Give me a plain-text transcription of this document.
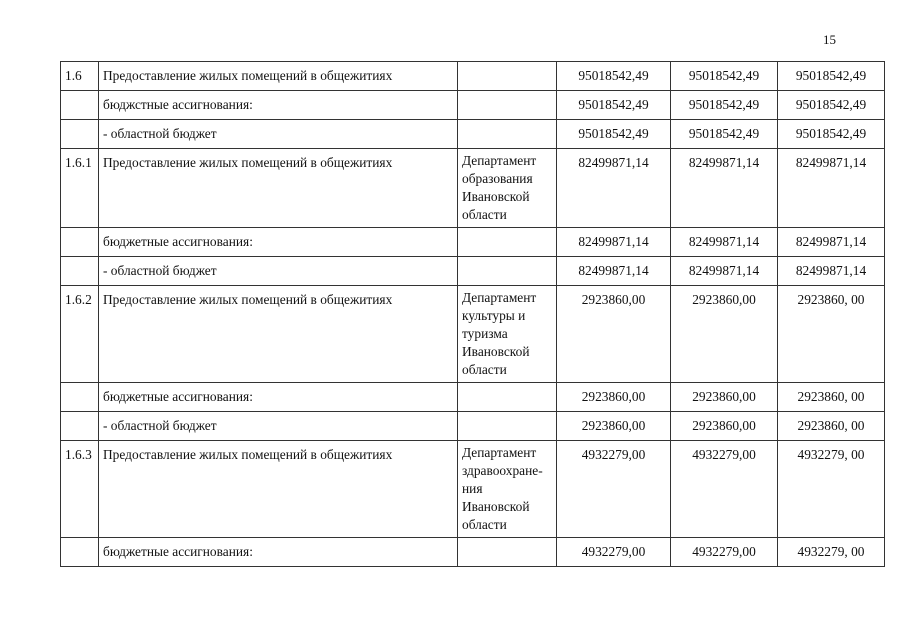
15
1.6	Предоставление жилых помещений в общежитиях		95018542,49	95018542,49	95018542,49
	бюджстные ассигнования:		95018542,49	95018542,49	95018542,49
	- областной бюджет		95018542,49	95018542,49	95018542,49
1.6.1	Предоставление жилых помещений в общежитиях	Департамент
образования
Ивановской
области	82499871,14	82499871,14	82499871,14
	бюджетные ассигнования:		82499871,14	82499871,14	82499871,14
	- областной бюджет		82499871,14	82499871,14	82499871,14
1.6.2	Предоставление жилых помещений в общежитиях	Департамент
культуры и
туризма
Ивановской
области	2923860,00	2923860,00	2923860, 00
	бюджетные ассигнования:		2923860,00	2923860,00	2923860, 00
	- областной бюджет		2923860,00	2923860,00	2923860, 00
1.6.3	Предоставление жилых помещений в общежитиях	Департамент
здравоохране-
ния
Ивановской
области	4932279,00	4932279,00	4932279, 00
	бюджетные ассигнования:		4932279,00	4932279,00	4932279, 00
